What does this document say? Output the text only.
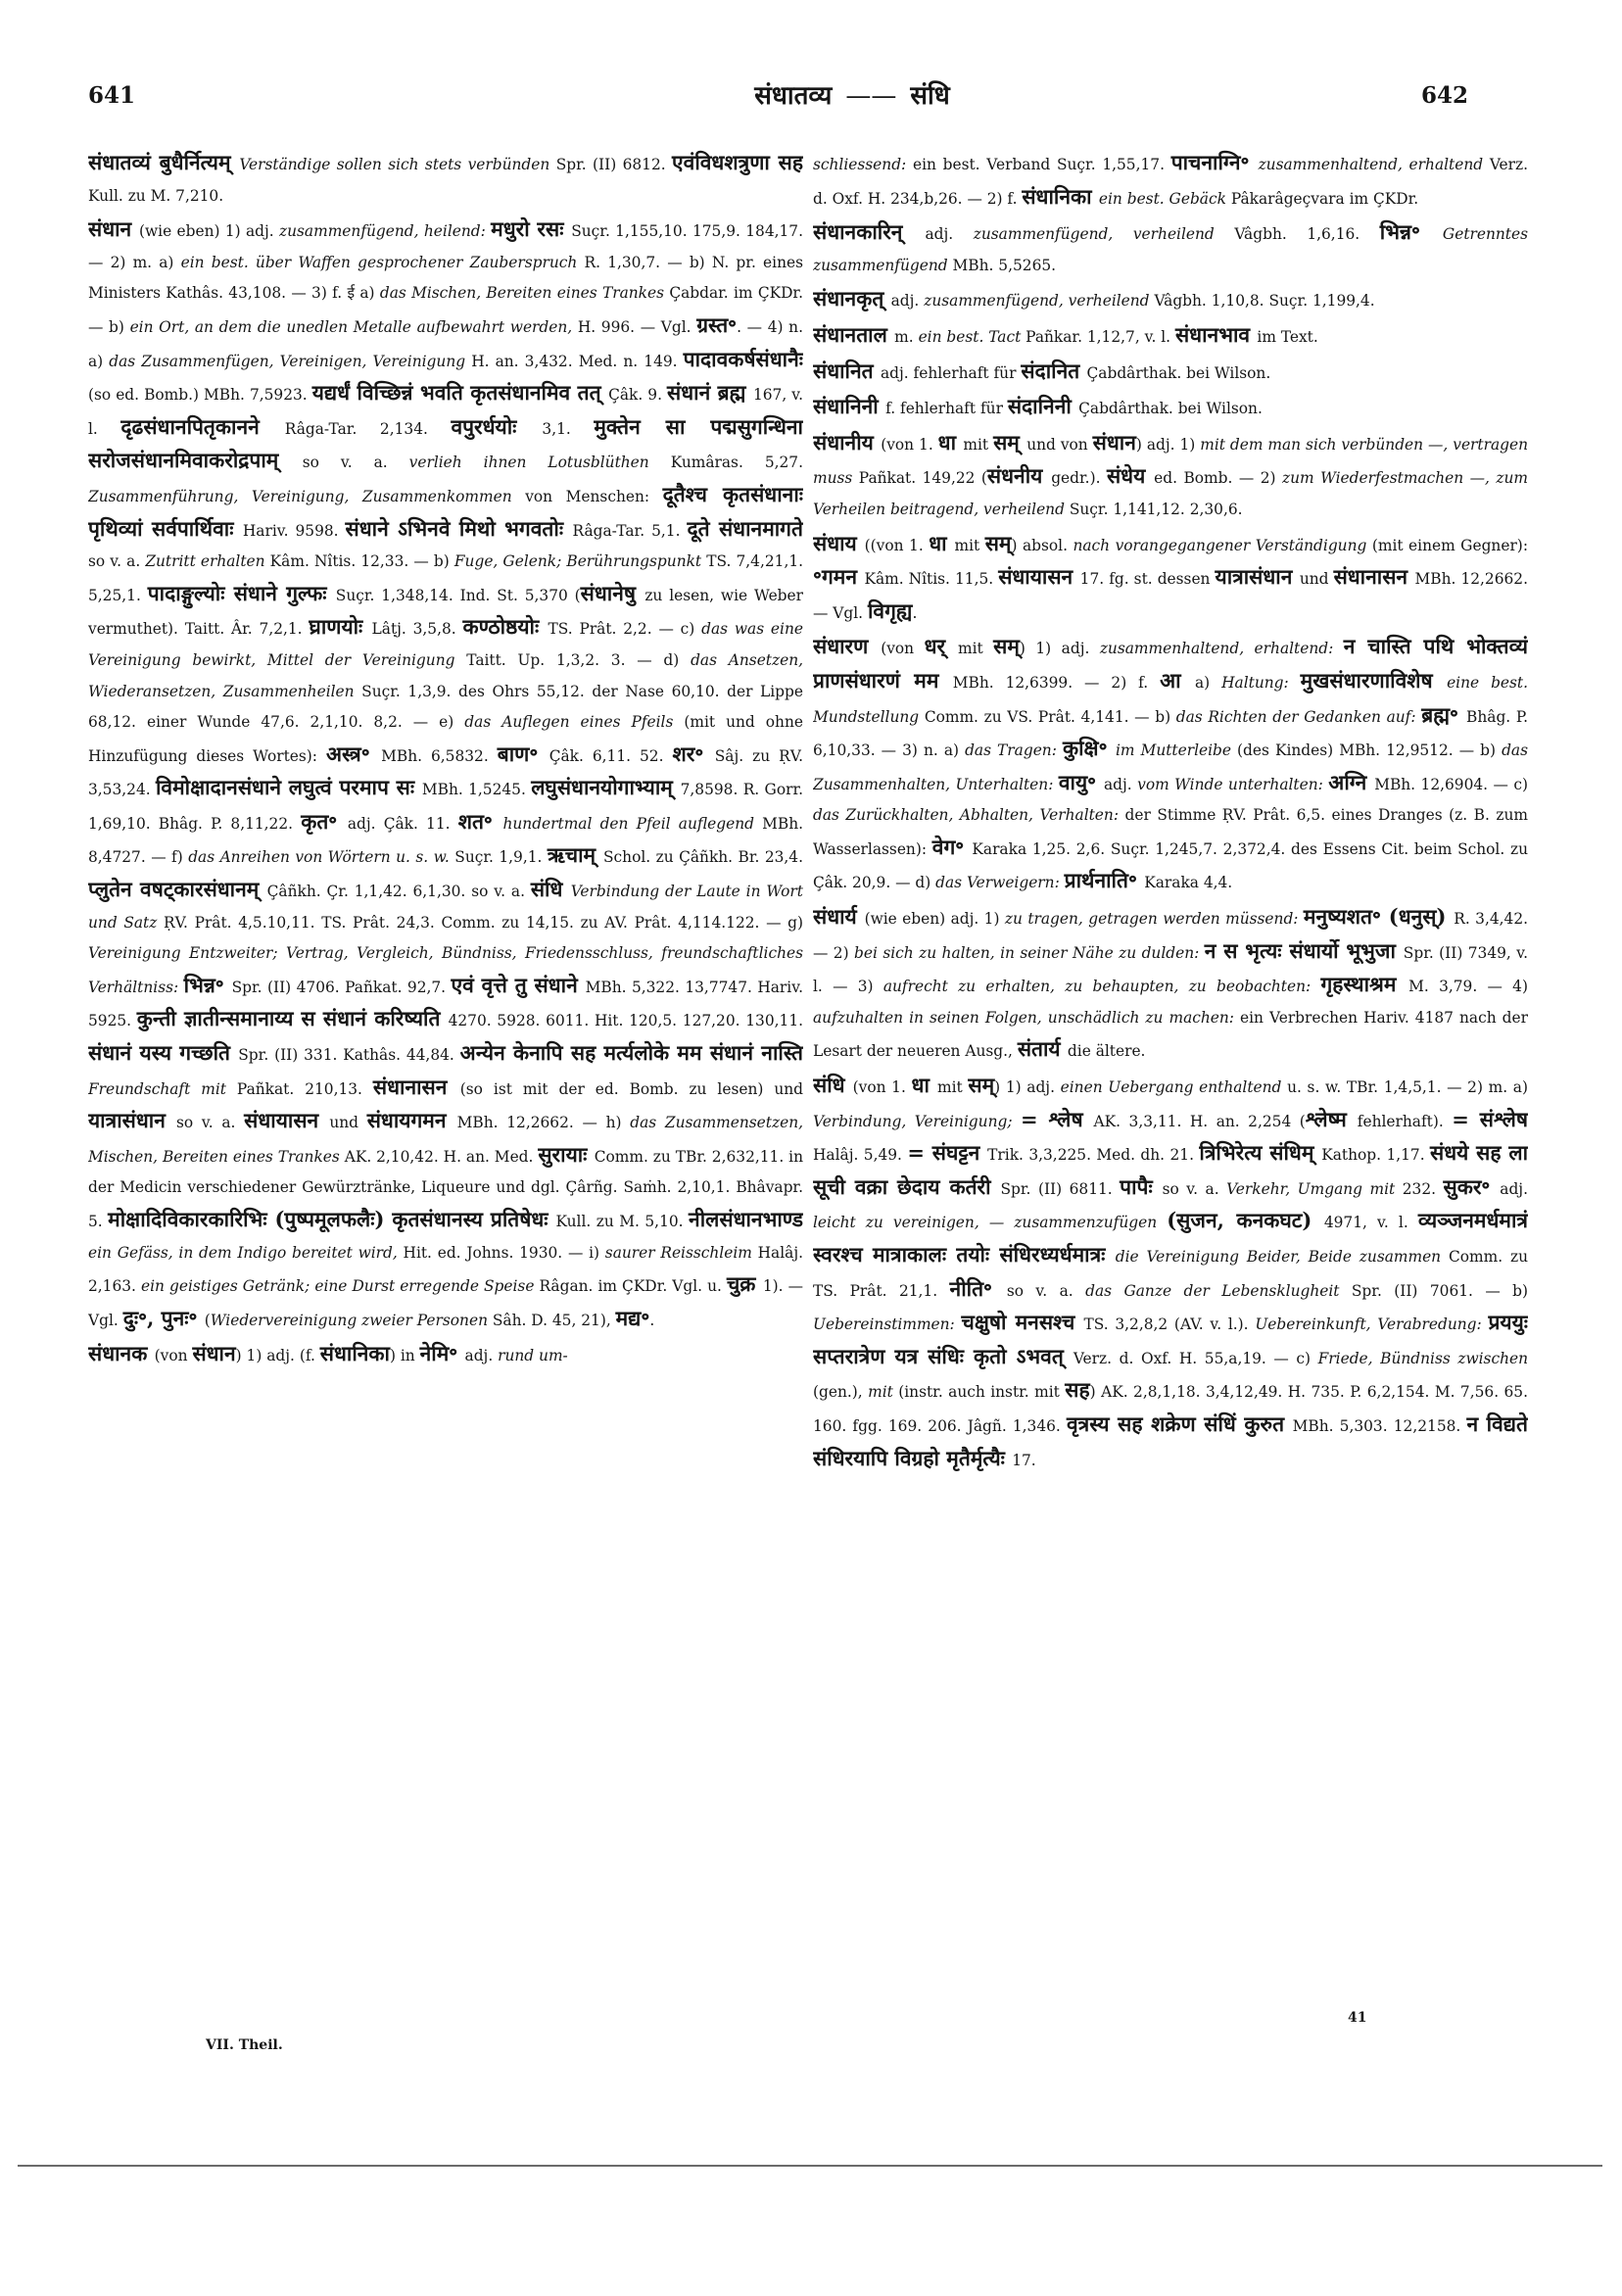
641	संधातव्य —— संधि	642

संधातव्यं बुधैर्नित्यम् Verständige sollen sich stets verbünden Spr. (II) 6812. एवंविधशत्रुणा सह Kull. zu M. 7,210.

संधान (wie eben) 1) adj. zusammenfügend, heilend: मधुरो रसः Suçr. 1,155,10. 175,9. 184,17. — 2) m. a) ein best. über Waffen gesprochener Zauberspruch R. 1,30,7. — b) N. pr. eines Ministers Kathâs. 43,108. — 3) f. ई a) das Mischen, Bereiten eines Trankes Çabdar. im ÇKDr. — b) ein Ort, an dem die unedlen Metalle aufbewahrt werden, H. 996. — Vgl. ग्रस्त॰. — 4) n. a) das Zusammenfügen, Vereinigen, Vereinigung H. an. 3,432. Med. n. 149. पादावकर्षसंधानैः (so ed. Bomb.) MBh. 7,5923. यद्यर्धं विच्छिन्नं भवति कृतसंधानमिव तत् Çâk. 9. संधानं ब्रह्म 167, v. l. दृढसंधानपितृकानने Râga-Tar. 2,134. वपुरर्धयोः 3,1. मुक्तेन सा पद्मसुगन्धिना सरोजसंधानमिवाकरोद्रपाम् so v. a. verlieh ihnen Lotusblüthen Kumâras. 5,27. Zusammenführung, Vereinigung, Zusammenkommen von Menschen: दूतैश्च कृतसंधानाः पृथिव्यां सर्वपार्थिवाः Hariv. 9598. संधाने ऽभिनवे मिथो भगवतोः Râga-Tar. 5,1. दूते संधानमागते so v. a. Zutritt erhalten Kâm. Nîtis. 12,33. — b) Fuge, Gelenk; Berührungspunkt TS. 7,4,21,1. 5,25,1. पादाङ्गुल्योः संधाने गुल्फः Suçr. 1,348,14. Ind. St. 5,370 (संधानेषु zu lesen, wie Weber vermuthet). Taitt. Âr. 7,2,1. घ्राणयोः Lâṭj. 3,5,8. कण्ठोष्ठयोः TS. Prât. 2,2. — c) das was eine Vereinigung bewirkt, Mittel der Vereinigung Taitt. Up. 1,3,2. 3. — d) das Ansetzen, Wiederansetzen, Zusammenheilen Suçr. 1,3,9. des Ohrs 55,12. der Nase 60,10. der Lippe 68,12. einer Wunde 47,6. 2,1,10. 8,2. — e) das Auflegen eines Pfeils (mit und ohne Hinzufügung dieses Wortes): अस्त्र॰ MBh. 6,5832. बाण॰ Çâk. 6,11. 52. शर॰ Sâj. zu ṚV. 3,53,24. विमोक्षादानसंधाने लघुत्वं परमाप सः MBh. 1,5245. लघुसंधानयोगाभ्याम् 7,8598. R. Gorr. 1,69,10. Bhâg. P. 8,11,22. कृत॰ adj. Çâk. 11. शत॰ hundertmal den Pfeil auflegend MBh. 8,4727. — f) das Anreihen von Wörtern u. s. w. Suçr. 1,9,1. ऋचाम् Schol. zu Çâñkh. Br. 23,4. प्लुतेन वषट्कारसंधानम् Çâñkh. Çr. 1,1,42. 6,1,30. so v. a. संधि Verbindung der Laute in Wort und Satz ṚV. Prât. 4,5.10,11. TS. Prât. 24,3. Comm. zu 14,15. zu AV. Prât. 4,114.122. — g) Vereinigung Entzweiter; Vertrag, Vergleich, Bündniss, Friedensschluss, freundschaftliches Verhältniss: भिन्न॰ Spr. (II) 4706. Pañkat. 92,7. एवं वृत्ते तु संधाने MBh. 5,322. 13,7747. Hariv. 5925. कुन्ती ज्ञातीन्समानाय्य स संधानं करिष्यति 4270. 5928. 6011. Hit. 120,5. 127,20. 130,11. संधानं यस्य गच्छति Spr. (II) 331. Kathâs. 44,84. अन्येन केनापि सह मर्त्यलोके मम संधानं नास्ति Freundschaft mit Pañkat. 210,13. संधानासन (so ist mit der ed. Bomb. zu lesen) und यात्रासंधान so v. a. संधायासन und संधायगमन MBh. 12,2662. — h) das Zusammensetzen, Mischen, Bereiten eines Trankes AK. 2,10,42. H. an. Med. सुरायाः Comm. zu TBr. 2,632,11. in der Medicin verschiedener Gewürztränke, Liqueure und dgl. Çârñg. Saṁh. 2,10,1. Bhâvapr. 5. मोक्षादिविकारकारिभिः (पुष्पमूलफलैः) कृतसंधानस्य प्रतिषेधः Kull. zu M. 5,10. नीलसंधानभाण्ड ein Gefäss, in dem Indigo bereitet wird, Hit. ed. Johns. 1930. — i) saurer Reisschleim Halâj. 2,163. ein geistiges Getränk; eine Durst erregende Speise Râgan. im ÇKDr. Vgl. u. चुक्र 1). — Vgl. दुः॰, पुनः॰ (Wiedervereinigung zweier Personen Sâh. D. 45, 21), मद्य॰.

संधानक (von संधान) 1) adj. (f. संधानिका) in नेमि॰ adj. rund um-

schliessend: ein best. Verband Suçr. 1,55,17. पाचनाग्नि॰ zusammenhaltend, erhaltend Verz. d. Oxf. H. 234,b,26. — 2) f. संधानिका ein best. Gebäck Pâkarâgeçvara im ÇKDr.

संधानकारिन् adj. zusammenfügend, verheilend Vâgbh. 1,6,16. भिन्न॰ Getrenntes zusammenfügend MBh. 5,5265.

संधानकृत् adj. zusammenfügend, verheilend Vâgbh. 1,10,8. Suçr. 1,199,4.

संधानताल m. ein best. Tact Pañkar. 1,12,7, v. l. संधानभाव im Text.

संधानित adj. fehlerhaft für संदानित Çabdârthak. bei Wilson.

संधानिनी f. fehlerhaft für संदानिनी Çabdârthak. bei Wilson.

संधानीय (von 1. धा mit सम् und von संधान) adj. 1) mit dem man sich verbünden —, vertragen muss Pañkat. 149,22 (संधनीय gedr.). संधेय ed. Bomb. — 2) zum Wiederfestmachen —, zum Verheilen beitragend, verheilend Suçr. 1,141,12. 2,30,6.

संधाय ((von 1. धा mit सम्) absol. nach vorangegangener Verständigung (mit einem Gegner): ॰गमन Kâm. Nîtis. 11,5. संधायासन 17. fg. st. dessen यात्रासंधान und संधानासन MBh. 12,2662. — Vgl. विगृह्य.

संधारण (von धर् mit सम्) 1) adj. zusammenhaltend, erhaltend: न चास्ति पथि भोक्तव्यं प्राणसंधारणं मम MBh. 12,6399. — 2) f. आ a) Haltung: मुखसंधारणाविशेष eine best. Mundstellung Comm. zu VS. Prât. 4,141. — b) das Richten der Gedanken auf: ब्रह्म॰ Bhâg. P. 6,10,33. — 3) n. a) das Tragen: कुक्षि॰ im Mutterleibe (des Kindes) MBh. 12,9512. — b) das Zusammenhalten, Unterhalten: वायु॰ adj. vom Winde unterhalten: अग्नि MBh. 12,6904. — c) das Zurückhalten, Abhalten, Verhalten: der Stimme ṚV. Prât. 6,5. eines Dranges (z. B. zum Wasserlassen): वेग॰ Karaka 1,25. 2,6. Suçr. 1,245,7. 2,372,4. des Essens Cit. beim Schol. zu Çâk. 20,9. — d) das Verweigern: प्रार्थनाति॰ Karaka 4,4.

संधार्य (wie eben) adj. 1) zu tragen, getragen werden müssend: मनुष्यशत॰ (धनुस्) R. 3,4,42. — 2) bei sich zu halten, in seiner Nähe zu dulden: न स भृत्यः संधार्यो भूभुजा Spr. (II) 7349, v. l. — 3) aufrecht zu erhalten, zu behaupten, zu beobachten: गृहस्थाश्रम M. 3,79. — 4) aufzuhalten in seinen Folgen, unschädlich zu machen: ein Verbrechen Hariv. 4187 nach der Lesart der neueren Ausg., संतार्य die ältere.

संधि (von 1. धा mit सम्) 1) adj. einen Uebergang enthaltend u. s. w. TBr. 1,4,5,1. — 2) m. a) Verbindung, Vereinigung; = श्लेष AK. 3,3,11. H. an. 2,254 (श्लेष्म fehlerhaft). = संश्लेष Halâj. 5,49. = संघट्टन Trik. 3,3,225. Med. dh. 21. त्रिभिरेत्य संधिम् Kathop. 1,17. संधये सह ला सूची वक्रा छेदाय कर्तरी Spr. (II) 6811. पापैः so v. a. Verkehr, Umgang mit 232. सुकर॰ adj. leicht zu vereinigen, — zusammenzufügen (सुजन, कनकघट) 4971, v. l. व्यञ्जनमर्धमात्रं स्वरश्च मात्राकालः तयोः संधिरध्यर्धमात्रः die Vereinigung Beider, Beide zusammen Comm. zu TS. Prât. 21,1. नीति॰ so v. a. das Ganze der Lebensklugheit Spr. (II) 7061. — b) Uebereinstimmen: चक्षुषो मनसश्च TS. 3,2,8,2 (AV. v. l.). Uebereinkunft, Verabredung: प्रययुः सप्तरात्रेण यत्र संधिः कृतो ऽभवत् Verz. d. Oxf. H. 55,a,19. — c) Friede, Bündniss zwischen (gen.), mit (instr. auch instr. mit सह) AK. 2,8,1,18. 3,4,12,49. H. 735. P. 6,2,154. M. 7,56. 65. 160. fgg. 169. 206. Jâgñ. 1,346. वृत्रस्य सह शक्रेण संधिं कुरुत MBh. 5,303. 12,2158. न विद्यते संधिरयापि विग्रहो मृतैर्मृत्यैः 17.

VII. Theil.
41
